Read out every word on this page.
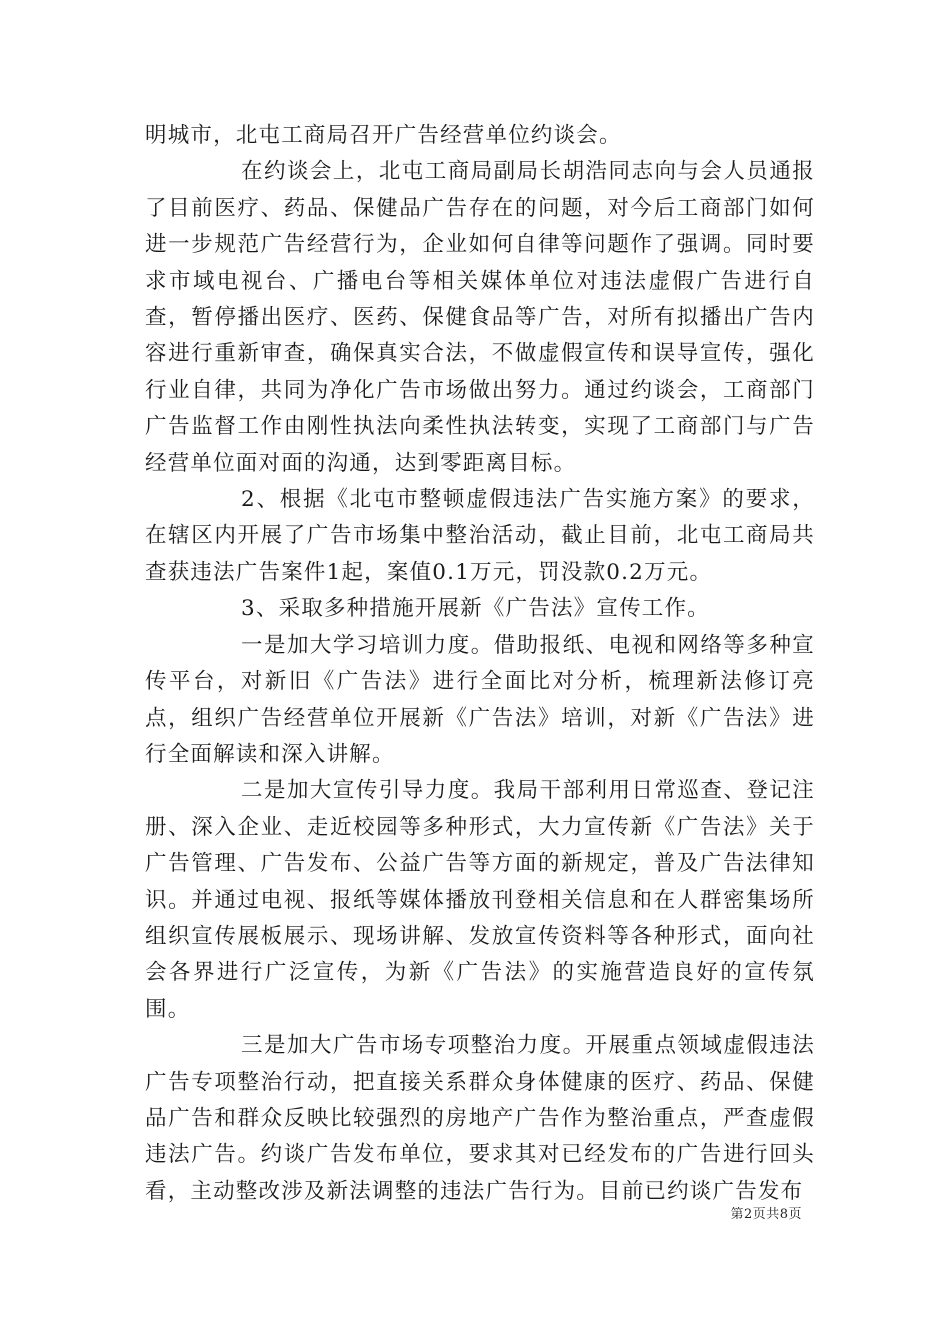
明城市，北屯工商局召开广告经营单位约谈会。

在约谈会上，北屯工商局副局长胡浩同志向与会人员通报了目前医疗、药品、保健品广告存在的问题，对今后工商部门如何进一步规范广告经营行为，企业如何自律等问题作了强调。同时要求市域电视台、广播电台等相关媒体单位对违法虚假广告进行自查，暂停播出医疗、医药、保健食品等广告，对所有拟播出广告内容进行重新审查，确保真实合法，不做虚假宣传和误导宣传，强化行业自律，共同为净化广告市场做出努力。通过约谈会，工商部门广告监督工作由刚性执法向柔性执法转变，实现了工商部门与广告经营单位面对面的沟通，达到零距离目标。

2、根据《北屯市整顿虚假违法广告实施方案》的要求，在辖区内开展了广告市场集中整治活动，截止目前，北屯工商局共查获违法广告案件1起，案值0.1万元，罚没款0.2万元。

3、采取多种措施开展新《广告法》宣传工作。

一是加大学习培训力度。借助报纸、电视和网络等多种宣传平台，对新旧《广告法》进行全面比对分析，梳理新法修订亮点，组织广告经营单位开展新《广告法》培训，对新《广告法》进行全面解读和深入讲解。

二是加大宣传引导力度。我局干部利用日常巡查、登记注册、深入企业、走近校园等多种形式，大力宣传新《广告法》关于广告管理、广告发布、公益广告等方面的新规定，普及广告法律知识。并通过电视、报纸等媒体播放刊登相关信息和在人群密集场所组织宣传展板展示、现场讲解、发放宣传资料等各种形式，面向社会各界进行广泛宣传，为新《广告法》的实施营造良好的宣传氛围。

三是加大广告市场专项整治力度。开展重点领域虚假违法广告专项整治行动，把直接关系群众身体健康的医疗、药品、保健品广告和群众反映比较强烈的房地产广告作为整治重点，严查虚假违法广告。约谈广告发布单位，要求其对已经发布的广告进行回头看，主动整改涉及新法调整的违法广告行为。目前已约谈广告发布

第2页共8页
